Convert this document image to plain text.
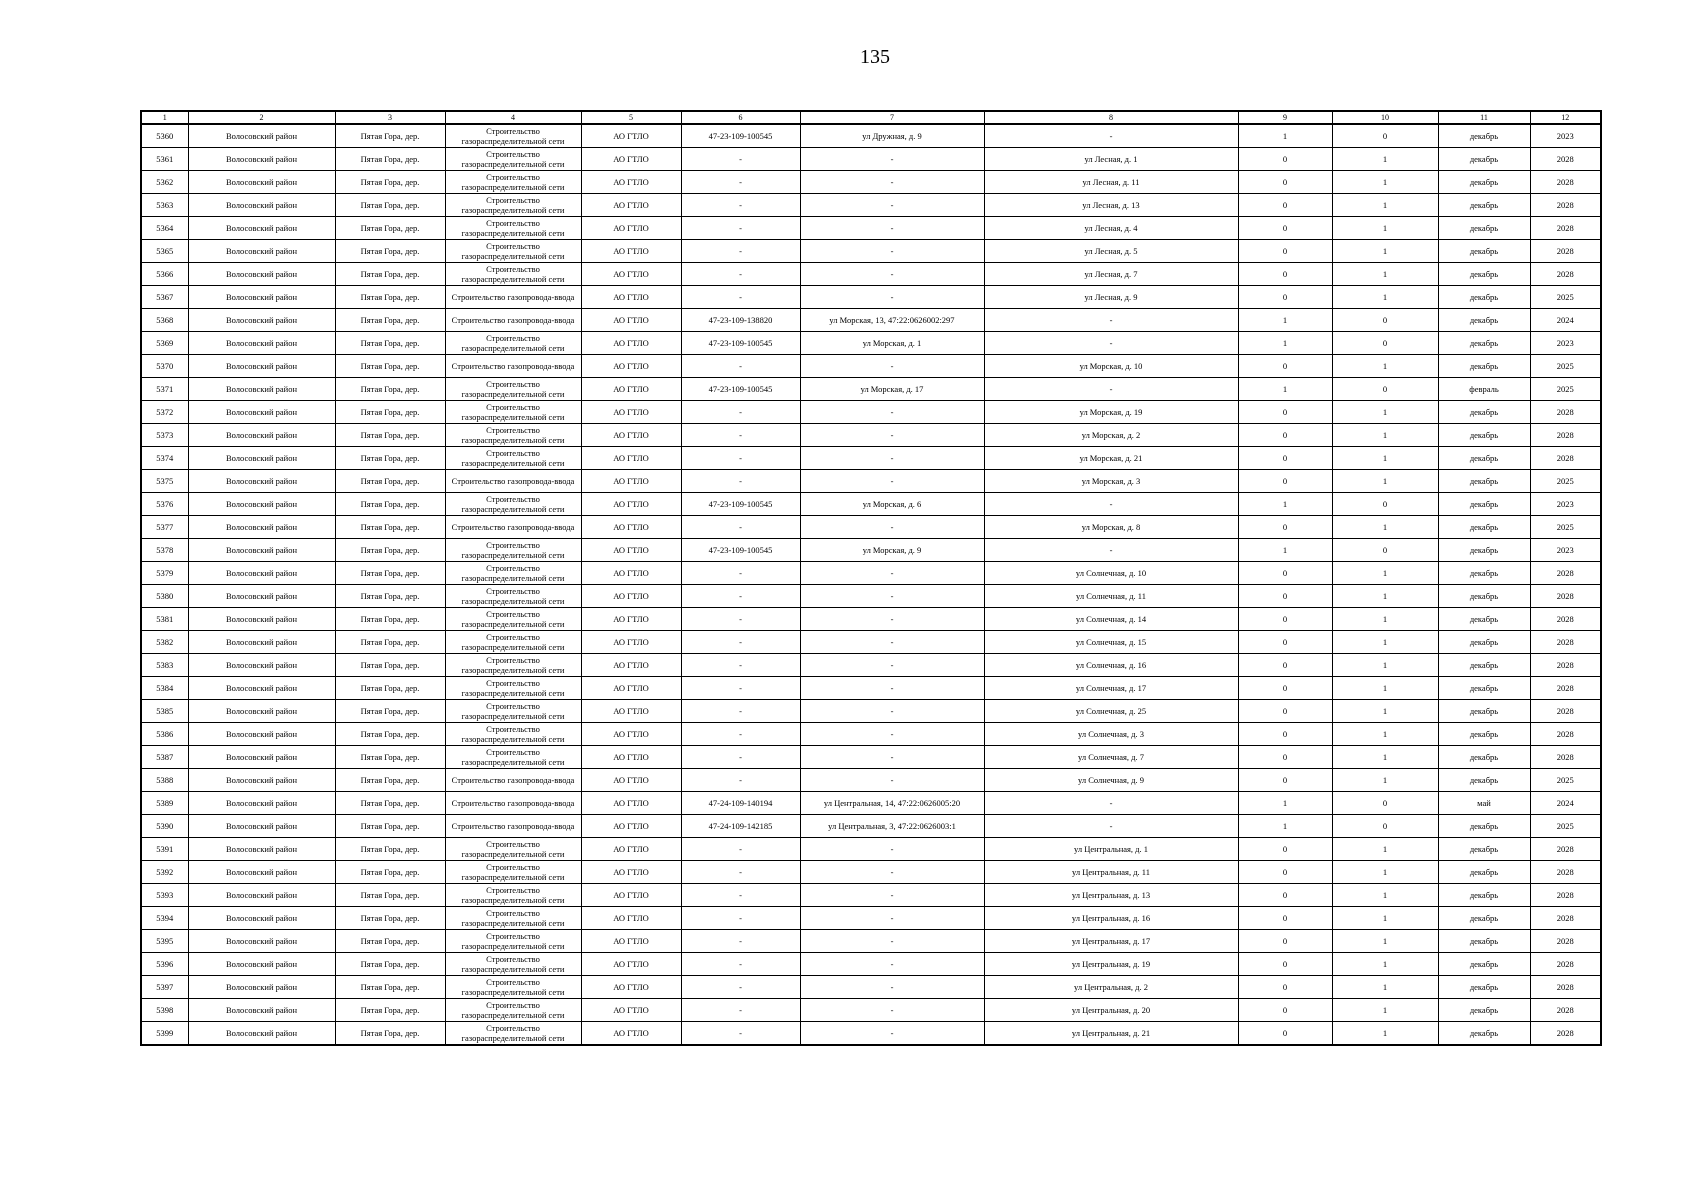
135
1	2	3	4	5	6	7	8	9	10	11	12
5360	Волосовский район	Пятая Гора, дер.	Строительство газораспределительной сети	АО ГТЛО	47-23-109-100545	ул Дружная, д. 9	-	1	0	декабрь	2023
5361	Волосовский район	Пятая Гора, дер.	Строительство газораспределительной сети	АО ГТЛО	-	-	ул Лесная, д. 1	0	1	декабрь	2028
5362	Волосовский район	Пятая Гора, дер.	Строительство газораспределительной сети	АО ГТЛО	-	-	ул Лесная, д. 11	0	1	декабрь	2028
5363	Волосовский район	Пятая Гора, дер.	Строительство газораспределительной сети	АО ГТЛО	-	-	ул Лесная, д. 13	0	1	декабрь	2028
5364	Волосовский район	Пятая Гора, дер.	Строительство газораспределительной сети	АО ГТЛО	-	-	ул Лесная, д. 4	0	1	декабрь	2028
5365	Волосовский район	Пятая Гора, дер.	Строительство газораспределительной сети	АО ГТЛО	-	-	ул Лесная, д. 5	0	1	декабрь	2028
5366	Волосовский район	Пятая Гора, дер.	Строительство газораспределительной сети	АО ГТЛО	-	-	ул Лесная, д. 7	0	1	декабрь	2028
5367	Волосовский район	Пятая Гора, дер.	Строительство газопровода-ввода	АО ГТЛО	-	-	ул Лесная, д. 9	0	1	декабрь	2025
5368	Волосовский район	Пятая Гора, дер.	Строительство газопровода-ввода	АО ГТЛО	47-23-109-138820	ул Морская, 13, 47:22:0626002:297	-	1	0	декабрь	2024
5369	Волосовский район	Пятая Гора, дер.	Строительство газораспределительной сети	АО ГТЛО	47-23-109-100545	ул Морская, д. 1	-	1	0	декабрь	2023
5370	Волосовский район	Пятая Гора, дер.	Строительство газопровода-ввода	АО ГТЛО	-	-	ул Морская, д. 10	0	1	декабрь	2025
5371	Волосовский район	Пятая Гора, дер.	Строительство газораспределительной сети	АО ГТЛО	47-23-109-100545	ул Морская, д. 17	-	1	0	февраль	2025
5372	Волосовский район	Пятая Гора, дер.	Строительство газораспределительной сети	АО ГТЛО	-	-	ул Морская, д. 19	0	1	декабрь	2028
5373	Волосовский район	Пятая Гора, дер.	Строительство газораспределительной сети	АО ГТЛО	-	-	ул Морская, д. 2	0	1	декабрь	2028
5374	Волосовский район	Пятая Гора, дер.	Строительство газораспределительной сети	АО ГТЛО	-	-	ул Морская, д. 21	0	1	декабрь	2028
5375	Волосовский район	Пятая Гора, дер.	Строительство газопровода-ввода	АО ГТЛО	-	-	ул Морская, д. 3	0	1	декабрь	2025
5376	Волосовский район	Пятая Гора, дер.	Строительство газораспределительной сети	АО ГТЛО	47-23-109-100545	ул Морская, д. 6	-	1	0	декабрь	2023
5377	Волосовский район	Пятая Гора, дер.	Строительство газопровода-ввода	АО ГТЛО	-	-	ул Морская, д. 8	0	1	декабрь	2025
5378	Волосовский район	Пятая Гора, дер.	Строительство газораспределительной сети	АО ГТЛО	47-23-109-100545	ул Морская, д. 9	-	1	0	декабрь	2023
5379	Волосовский район	Пятая Гора, дер.	Строительство газораспределительной сети	АО ГТЛО	-	-	ул Солнечная, д. 10	0	1	декабрь	2028
5380	Волосовский район	Пятая Гора, дер.	Строительство газораспределительной сети	АО ГТЛО	-	-	ул Солнечная, д. 11	0	1	декабрь	2028
5381	Волосовский район	Пятая Гора, дер.	Строительство газораспределительной сети	АО ГТЛО	-	-	ул Солнечная, д. 14	0	1	декабрь	2028
5382	Волосовский район	Пятая Гора, дер.	Строительство газораспределительной сети	АО ГТЛО	-	-	ул Солнечная, д. 15	0	1	декабрь	2028
5383	Волосовский район	Пятая Гора, дер.	Строительство газораспределительной сети	АО ГТЛО	-	-	ул Солнечная, д. 16	0	1	декабрь	2028
5384	Волосовский район	Пятая Гора, дер.	Строительство газораспределительной сети	АО ГТЛО	-	-	ул Солнечная, д. 17	0	1	декабрь	2028
5385	Волосовский район	Пятая Гора, дер.	Строительство газораспределительной сети	АО ГТЛО	-	-	ул Солнечная, д. 25	0	1	декабрь	2028
5386	Волосовский район	Пятая Гора, дер.	Строительство газораспределительной сети	АО ГТЛО	-	-	ул Солнечная, д. 3	0	1	декабрь	2028
5387	Волосовский район	Пятая Гора, дер.	Строительство газораспределительной сети	АО ГТЛО	-	-	ул Солнечная, д. 7	0	1	декабрь	2028
5388	Волосовский район	Пятая Гора, дер.	Строительство газопровода-ввода	АО ГТЛО	-	-	ул Солнечная, д. 9	0	1	декабрь	2025
5389	Волосовский район	Пятая Гора, дер.	Строительство газопровода-ввода	АО ГТЛО	47-24-109-140194	ул Центральная, 14, 47:22:0626005:20	-	1	0	май	2024
5390	Волосовский район	Пятая Гора, дер.	Строительство газопровода-ввода	АО ГТЛО	47-24-109-142185	ул Центральная, 3, 47:22:0626003:1	-	1	0	декабрь	2025
5391	Волосовский район	Пятая Гора, дер.	Строительство газораспределительной сети	АО ГТЛО	-	-	ул Центральная, д. 1	0	1	декабрь	2028
5392	Волосовский район	Пятая Гора, дер.	Строительство газораспределительной сети	АО ГТЛО	-	-	ул Центральная, д. 11	0	1	декабрь	2028
5393	Волосовский район	Пятая Гора, дер.	Строительство газораспределительной сети	АО ГТЛО	-	-	ул Центральная, д. 13	0	1	декабрь	2028
5394	Волосовский район	Пятая Гора, дер.	Строительство газораспределительной сети	АО ГТЛО	-	-	ул Центральная, д. 16	0	1	декабрь	2028
5395	Волосовский район	Пятая Гора, дер.	Строительство газораспределительной сети	АО ГТЛО	-	-	ул Центральная, д. 17	0	1	декабрь	2028
5396	Волосовский район	Пятая Гора, дер.	Строительство газораспределительной сети	АО ГТЛО	-	-	ул Центральная, д. 19	0	1	декабрь	2028
5397	Волосовский район	Пятая Гора, дер.	Строительство газораспределительной сети	АО ГТЛО	-	-	ул Центральная, д. 2	0	1	декабрь	2028
5398	Волосовский район	Пятая Гора, дер.	Строительство газораспределительной сети	АО ГТЛО	-	-	ул Центральная, д. 20	0	1	декабрь	2028
5399	Волосовский район	Пятая Гора, дер.	Строительство газораспределительной сети	АО ГТЛО	-	-	ул Центральная, д. 21	0	1	декабрь	2028
